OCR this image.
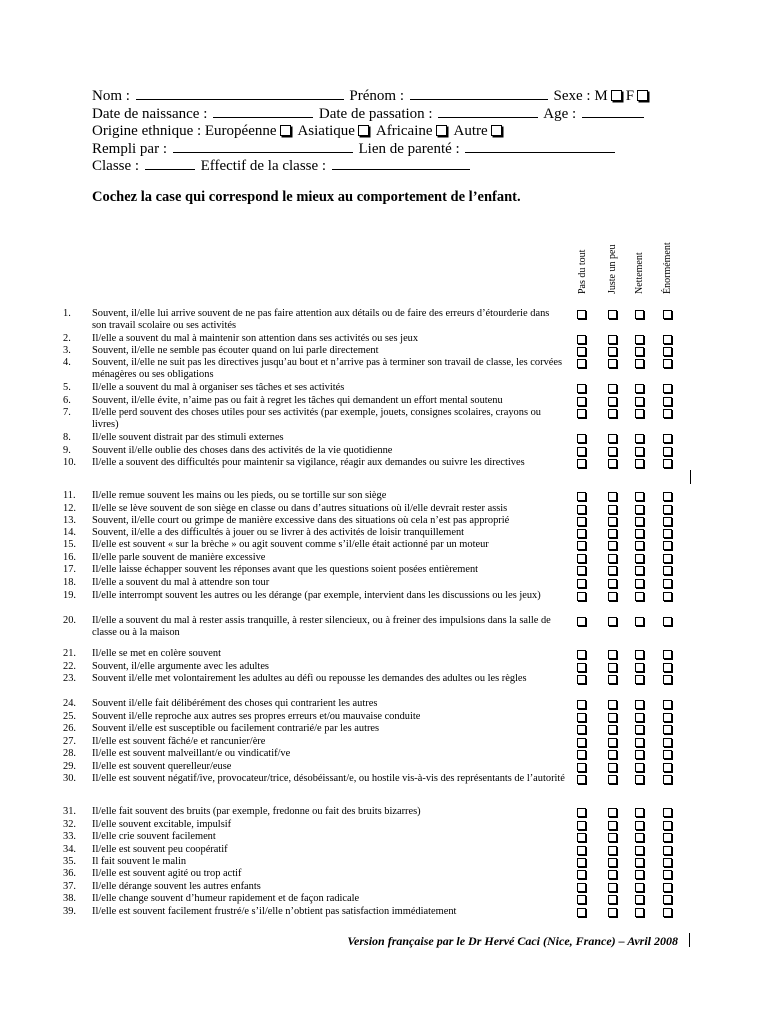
Nom :	Prénom :	Sexe : M F
Date de naissance :	Date de passation :	Age :
Origine ethnique : Européenne Asiatique Africaine Autre
Rempli par :	Lien de parenté :
Classe :	Effectif de la classe :
Cochez la case qui correspond le mieux au comportement de l’enfant.
Pas du tout Juste un peu Nettement Énormément
1.	Souvent, il/elle lui arrive souvent de ne pas faire attention aux détails ou de faire des erreurs d’étourderie dans son travail scolaire ou ses activités
2.	Il/elle a souvent du mal à maintenir son attention dans ses activités ou ses jeux
3.	Souvent, il/elle ne semble pas écouter quand on lui parle directement
4.	Souvent, il/elle ne suit pas les directives jusqu’au bout et n’arrive pas à terminer son travail de classe, les corvées ménagères ou ses obligations
5.	Il/elle a souvent du mal à organiser ses tâches et ses activités
6.	Souvent, il/elle évite, n’aime pas ou fait à regret les tâches qui demandent un effort mental soutenu
7.	Il/elle perd souvent des choses utiles pour ses activités (par exemple, jouets, consignes scolaires, crayons ou livres)
8.	Il/elle souvent distrait par des stimuli externes
9.	Souvent il/elle oublie des choses dans des activités de la vie quotidienne
10.	Il/elle a souvent des difficultés pour maintenir sa vigilance, réagir aux demandes ou suivre les directives
11.	Il/elle remue souvent les mains ou les pieds, ou se tortille sur son siège
12.	Il/elle se lève souvent de son siège en classe ou dans d’autres situations où il/elle devrait rester assis
13.	Souvent, il/elle court ou grimpe de manière excessive dans des situations où cela n’est pas approprié
14.	Souvent, il/elle a des difficultés à jouer ou se livrer à des activités de loisir tranquillement
15.	Il/elle est souvent « sur la brèche » ou agit souvent comme s’il/elle était actionné par un moteur
16.	Il/elle parle souvent de manière excessive
17.	Il/elle laisse échapper souvent les réponses avant que les questions soient posées entièrement
18.	Il/elle a souvent du mal à attendre son tour
19.	Il/elle interrompt souvent les autres ou les dérange (par exemple, intervient dans les discussions ou les jeux)
20.	Il/elle a souvent du mal à rester assis tranquille, à rester silencieux, ou à freiner des impulsions dans la salle de classe ou à la maison
21.	Il/elle se met en colère souvent
22.	Souvent, il/elle argumente avec les adultes
23.	Souvent il/elle met volontairement les adultes au défi ou repousse les demandes des adultes ou les règles
24.	Souvent il/elle fait délibérément des choses qui contrarient les autres
25.	Souvent il/elle reproche aux autres ses propres erreurs et/ou mauvaise conduite
26.	Souvent il/elle est susceptible ou facilement contrarié/e par les autres
27.	Il/elle est souvent fâché/e et rancunier/ère
28.	Il/elle est souvent malveillant/e ou vindicatif/ve
29.	Il/elle est souvent querelleur/euse
30.	Il/elle est souvent négatif/ive, provocateur/trice, désobéissant/e, ou hostile vis-à-vis des représentants de l’autorité
31.	Il/elle fait souvent des bruits (par exemple, fredonne ou fait des bruits bizarres)
32.	Il/elle souvent excitable, impulsif
33.	Il/elle crie souvent facilement
34.	Il/elle est souvent peu coopératif
35.	Il fait souvent le malin
36.	Il/elle est souvent agité ou trop actif
37.	Il/elle dérange souvent les autres enfants
38.	Il/elle change souvent d’humeur rapidement et de façon radicale
39.	Il/elle est souvent facilement frustré/e s’il/elle n’obtient pas satisfaction immédiatement
Version française par le Dr Hervé Caci (Nice, France) – Avril 2008
